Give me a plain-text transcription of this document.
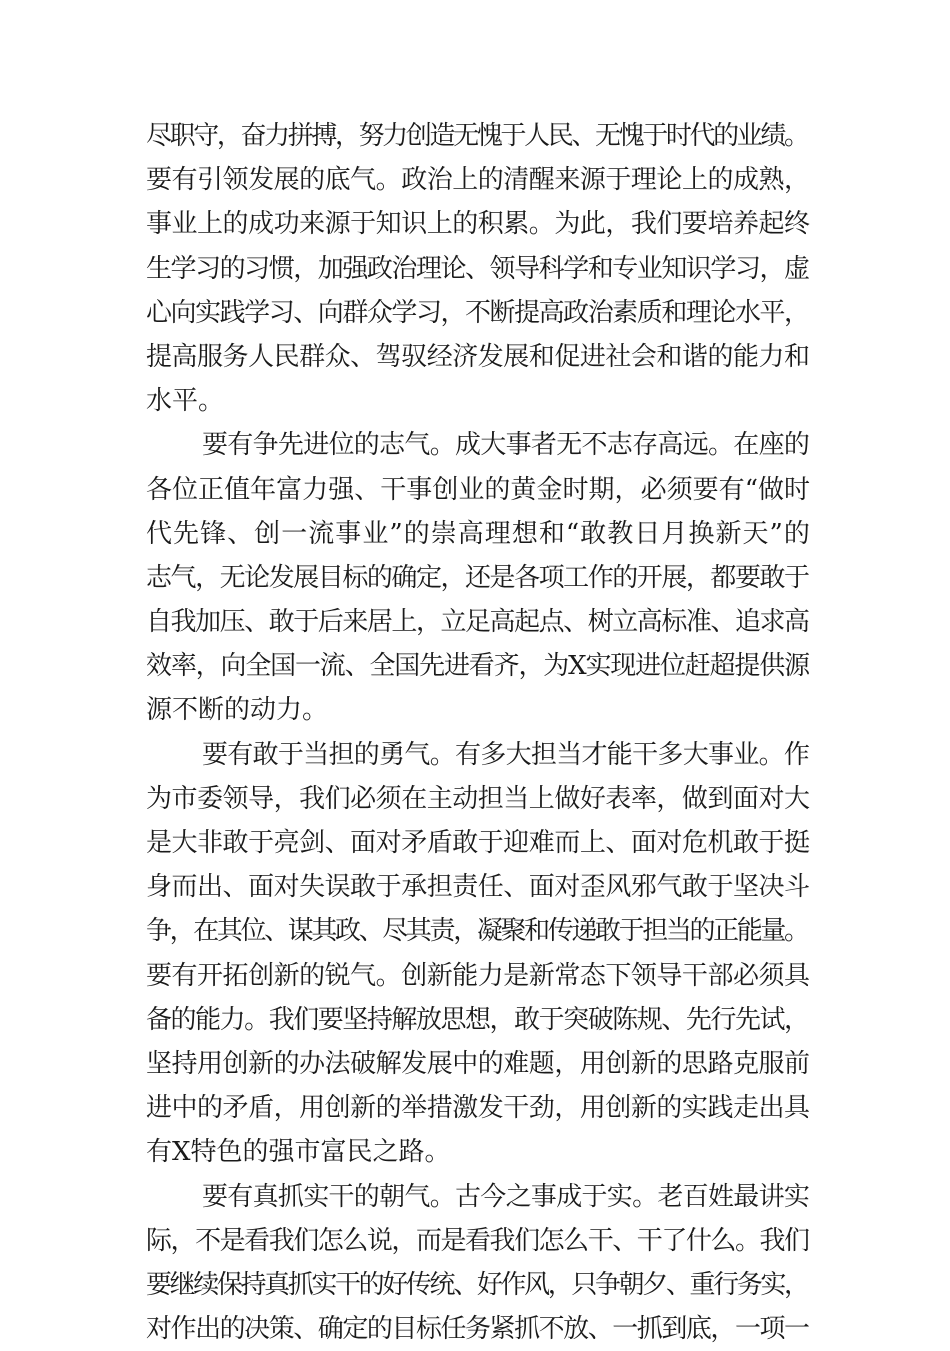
尽职守，奋力拼搏，努力创造无愧于人民、无愧于时代的业绩。
要有引领发展的底气。政治上的清醒来源于理论上的成熟，
事业上的成功来源于知识上的积累。为此，我们要培养起终
生学习的习惯，加强政治理论、领导科学和专业知识学习，虚
心向实践学习、向群众学习，不断提高政治素质和理论水平，
提高服务人民群众、驾驭经济发展和促进社会和谐的能力和
水平。
要有争先进位的志气。成大事者无不志存高远。在座的
各位正值年富力强、干事创业的黄金时期，必须要有“做时
代先锋、创一流事业”的崇高理想和“敢教日月换新天”的
志气，无论发展目标的确定，还是各项工作的开展，都要敢于
自我加压、敢于后来居上，立足高起点、树立高标准、追求高
效率，向全国一流、全国先进看齐，为X实现进位赶超提供源
源不断的动力。
要有敢于当担的勇气。有多大担当才能干多大事业。作
为市委领导，我们必须在主动担当上做好表率，做到面对大
是大非敢于亮剑、面对矛盾敢于迎难而上、面对危机敢于挺
身而出、面对失误敢于承担责任、面对歪风邪气敢于坚决斗
争，在其位、谋其政、尽其责，凝聚和传递敢于担当的正能量。
要有开拓创新的锐气。创新能力是新常态下领导干部必须具
备的能力。我们要坚持解放思想，敢于突破陈规、先行先试，
坚持用创新的办法破解发展中的难题，用创新的思路克服前
进中的矛盾，用创新的举措激发干劲，用创新的实践走出具
有X特色的强市富民之路。
要有真抓实干的朝气。古今之事成于实。老百姓最讲实
际，不是看我们怎么说，而是看我们怎么干、干了什么。我们
要继续保持真抓实干的好传统、好作风，只争朝夕、重行务实，
对作出的决策、确定的目标任务紧抓不放、一抓到底，一项一
